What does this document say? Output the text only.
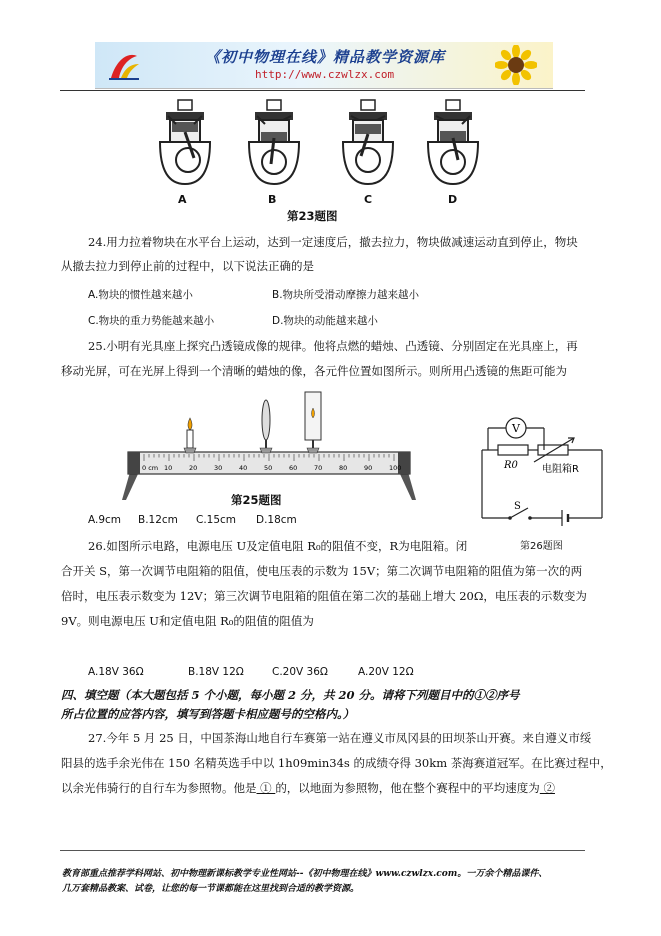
《初中物理在线》精品教学资源库
http://www.czwlzx.com
A	B	C	D
第23题图
24.用力拉着物块在水平台上运动，达到一定速度后，撤去拉力，物块做减速运动直到停止，物块
从撤去拉力到停止前的过程中，以下说法正确的是
A.物块的惯性越来越小	B.物块所受滑动摩擦力越来越小
C.物块的重力势能越来越小	D.物块的动能越来越小
25.小明有光具座上探究凸透镜成像的规律。他将点燃的蜡烛、凸透镜、分别固定在光具座上，再
移动光屏，可在光屏上得到一个清晰的蜡烛的像，各元件位置如图所示。则所用凸透镜的焦距可能为
0 cm 10	20	30	40	50	60	70	80	90	100
第25题图
A.9cm B.12cm C.15cm D.18cm
V
R0 电阻箱R
S
第26题图
26.如图所示电路，电源电压 U及定值电阻 R₀的阻值不变，R为电阻箱。闭
合开关 S，第一次调节电阻箱的阻值，使电压表的示数为 15V；第二次调节电阻箱的阻值为第一次的两
倍时，电压表示数变为 12V；第三次调节电阻箱的阻值在第二次的基础上增大 20Ω，电压表的示数变为
9V。则电源电压 U和定值电阻 R₀的阻值的阻值为
A.18V 36Ω	B.18V 12Ω	C.20V 36Ω	A.20V 12Ω
四、填空题（本大题包括 5 个小题，每小题 2 分，共 20 分。请将下列题目中的①②序号
所占位置的应答内容，填写到答题卡相应题号的空格内。）
27.今年 5 月 25 日，中国茶海山地自行车赛第一站在遵义市凤冈县的田坝茶山开赛。来自遵义市绥
阳县的选手余光伟在 150 名精英选手中以 1h09min34s 的成绩夺得 30km 茶海赛道冠军。在比赛过程中，
以余光伟骑行的自行车为参照物。他是 ① 的，以地面为参照物，他在整个赛程中的平均速度为 ②
教育部重点推荐学科网站、初中物理新课标教学专业性网站--《初中物理在线》www.czwlzx.com。一万余个精品课件、
几万套精品教案、试卷，让您的每一节课都能在这里找到合适的教学资源。
